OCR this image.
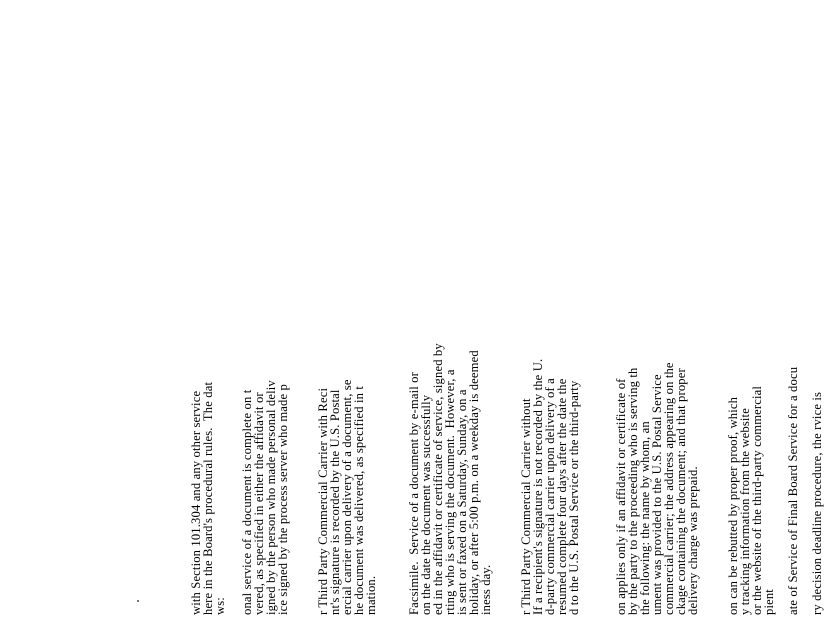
with Section 101.304 and any other service
here in the Board's procedural rules.  The dat
ws: onal service of a document is complete on t
vered, as specified in either the affidavit or
igned by the person who made personal deliv
ice signed by the process server who made p r Third Party Commercial Carrier with Reci
nt's signature is recorded by the U.S. Postal
ercial carrier upon delivery of a document, se
he document was delivered, as specified in t
mation. Facsimile.  Service of a document by e-mail or
on the date the document was successfully
ed in the affidavit or certificate of service, signed by
rting who is serving the document.  However, a
is sent or faxed on a Saturday, Sunday, on a
holiday, or after 5:00 p.m. on a weekday is deemed
iness day. r Third Party Commercial Carrier without
If a recipient's signature is not recorded by the U.
d-party commercial carrier upon delivery of a
resumed complete four days after the date the
d to the U.S. Postal Service or the third-party	on applies only if an affidavit or certificate of
by the party to the proceeding who is serving th
the following: the name by whom, an
ument was provided to the U.S. Postal Service
commercial carrier; the address appearing on the
ckage containing the document; and that proper
delivery charge was prepaid. on can be rebutted by proper proof, which
y tracking information from the website
or the website of the third-party commercial
pient ate of Service of Final Board Service for a docu ry decision deadline procedure, the rvice is
